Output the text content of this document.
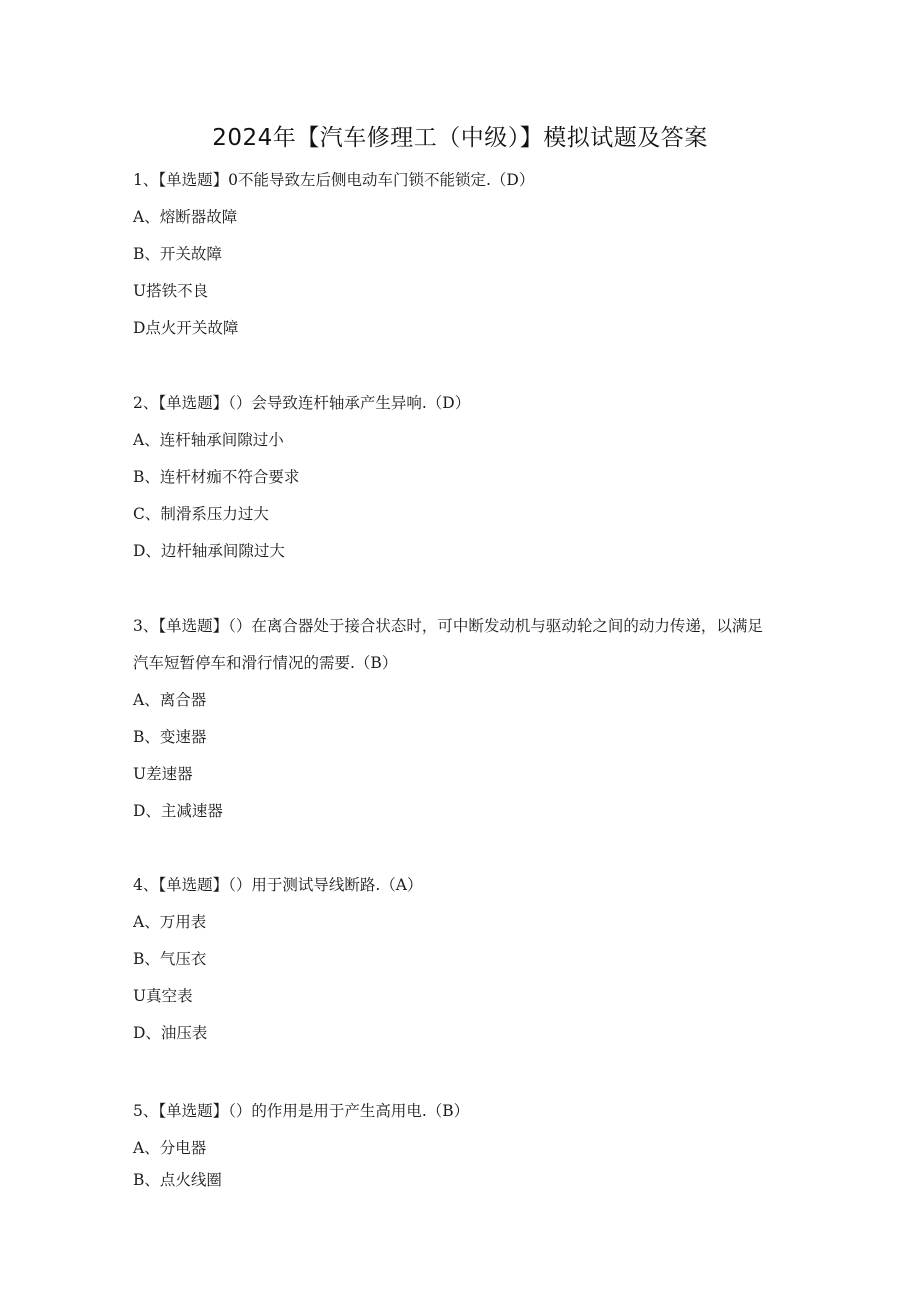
2024年【汽车修理工（中级）】模拟试题及答案

1、【单选题】0不能导致左后侧电动车门锁不能锁定.（D）

A、熔断器故障

B、开关故障

U搭铁不良

D点火开关故障

2、【单选题】（）会导致连杆轴承产生异响.（D）

A、连杆轴承间隙过小

B、连杆材痂不符合要求

C、制滑系压力过大

D、边杆轴承间隙过大

3、【单选题】（）在离合器处于接合状态时，可中断发动机与驱动轮之间的动力传递，以满足汽车短暂停车和滑行情况的需要.（B）

A、离合器

B、变速器

U差速器

D、主减速器

4、【单选题】（）用于测试导线断路.（A）

A、万用表

B、气压衣

U真空表

D、油压表

5、【单选题】（）的作用是用于产生高用电.（B）

A、分电器

B、点火线圈
